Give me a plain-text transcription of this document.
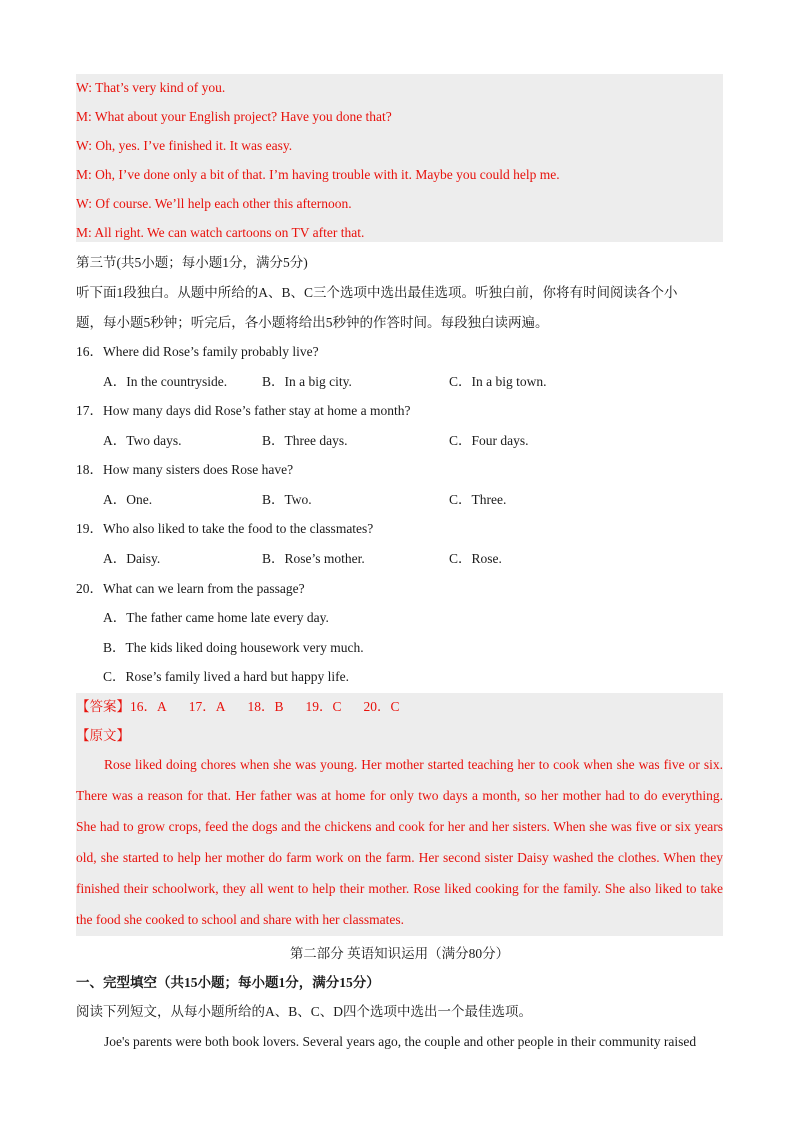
W: That’s very kind of you.
M: What about your English project? Have you done that?
W: Oh, yes. I’ve finished it. It was easy.
M: Oh, I’ve done only a bit of that. I’m having trouble with it. Maybe you could help me.
W: Of course. We’ll help each other this afternoon.
M: All right. We can watch cartoons on TV after that.
第三节(共5小题；每小题1分，满分5分)
听下面1段独白。从题中所给的A、B、C三个选项中选出最佳选项。听独白前，你将有时间阅读各个小
题，每小题5秒钟；听完后，各小题将给出5秒钟的作答时间。每段独白读两遍。
16．Where did Rose’s family probably live?
A．In the countryside.	B．In a big city.	C．In a big town.
17．How many days did Rose’s father stay at home a month?
A．Two days.	B．Three days.	C．Four days.
18．How many sisters does Rose have?
A．One.	B．Two.	C．Three.
19．Who also liked to take the food to the classmates?
A．Daisy.	B．Rose’s mother.	C．Rose.
20．What can we learn from the passage?
A．The father came home late every day.
B．The kids liked doing housework very much.
C．Rose’s family lived a hard but happy life.
【答案】16．A 17．A 18．B 19．C 20．C
【原文】
Rose liked doing chores when she was young. Her mother started teaching her to cook when she was five or six. There was a reason for that. Her father was at home for only two days a month, so her mother had to do everything. She had to grow crops, feed the dogs and the chickens and cook for her and her sisters. When she was five or six years old, she started to help her mother do farm work on the farm. Her second sister Daisy washed the clothes. When they finished their schoolwork, they all went to help their mother. Rose liked cooking for the family. She also liked to take the food she cooked to school and share with her classmates.
第二部分 英语知识运用（满分80分）
一、完型填空（共15小题；每小题1分，满分15分）
阅读下列短文，从每小题所给的A、B、C、D四个选项中选出一个最佳选项。
Joe's parents were both book lovers. Several years ago, the couple and other people in their community raised
